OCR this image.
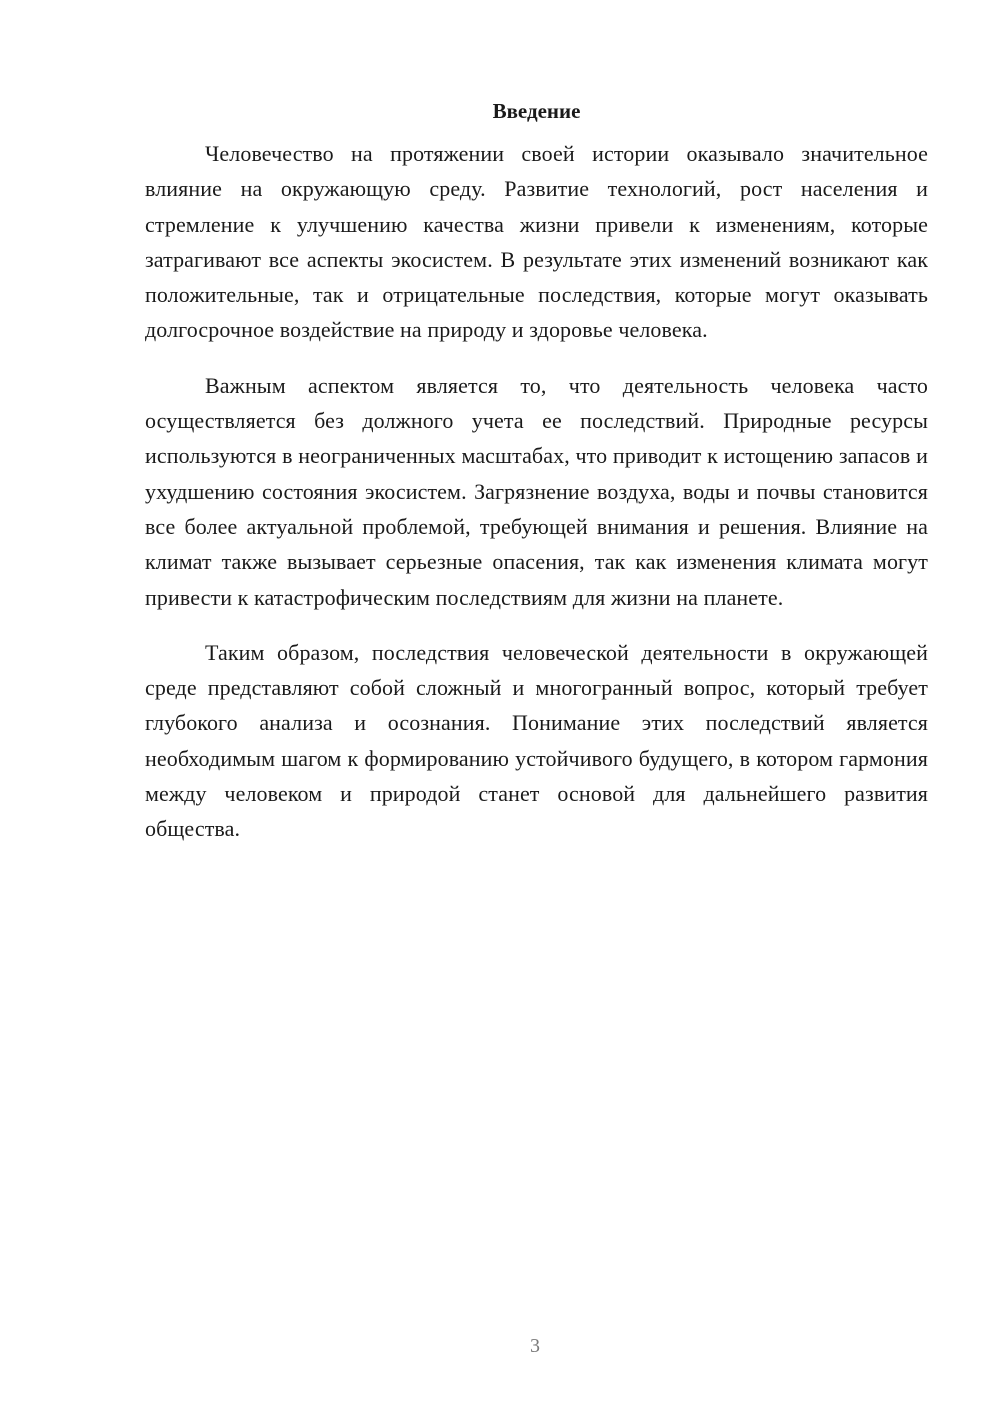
Введение

Человечество на протяжении своей истории оказывало значительное влияние на окружающую среду. Развитие технологий, рост населения и стремление к улучшению качества жизни привели к изменениям, которые затрагивают все аспекты экосистем. В результате этих изменений возникают как положительные, так и отрицательные последствия, которые могут оказывать долгосрочное воздействие на природу и здоровье человека.

Важным аспектом является то, что деятельность человека часто осуществляется без должного учета ее последствий. Природные ресурсы используются в неограниченных масштабах, что приводит к истощению запасов и ухудшению состояния экосистем. Загрязнение воздуха, воды и почвы становится все более актуальной проблемой, требующей внимания и решения. Влияние на климат также вызывает серьезные опасения, так как изменения климата могут привести к катастрофическим последствиям для жизни на планете.

Таким образом, последствия человеческой деятельности в окружающей среде представляют собой сложный и многогранный вопрос, который требует глубокого анализа и осознания. Понимание этих последствий является необходимым шагом к формированию устойчивого будущего, в котором гармония между человеком и природой станет основой для дальнейшего развития общества.

3
